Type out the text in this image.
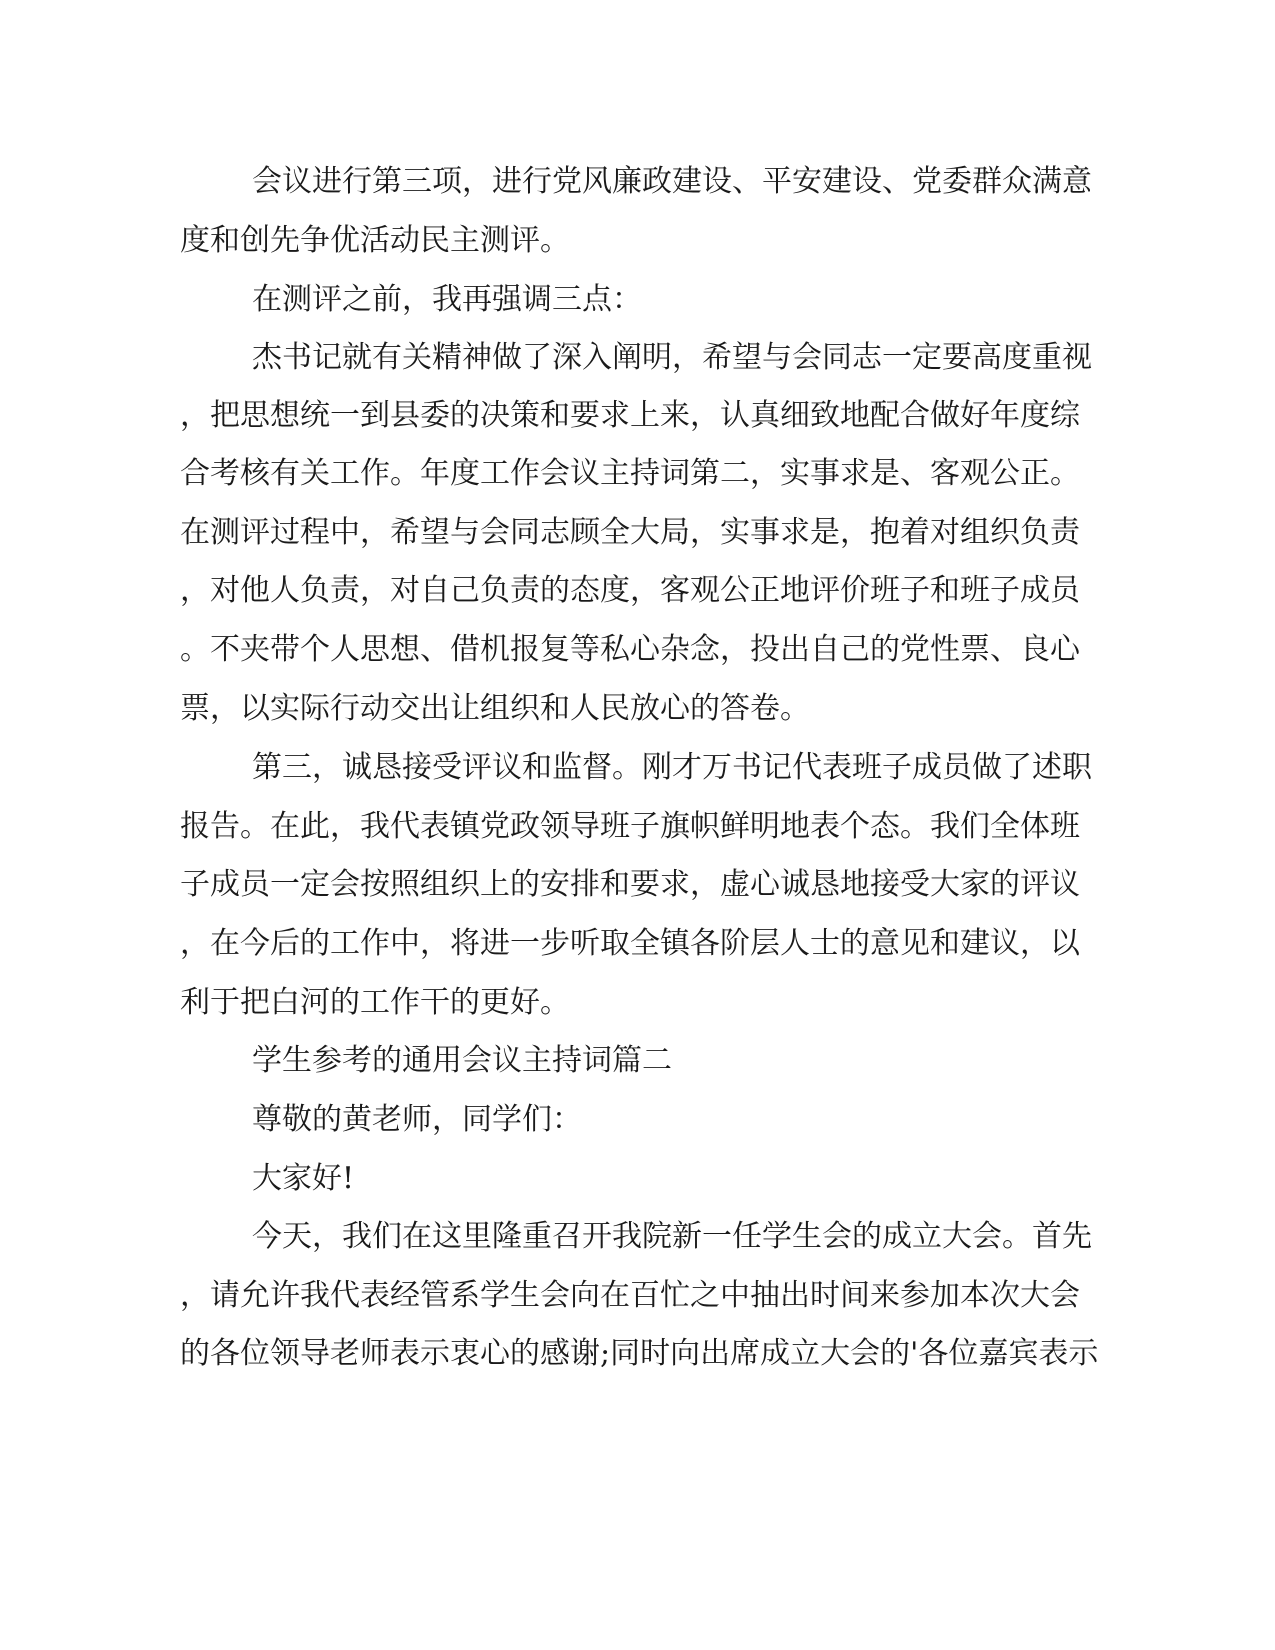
会议进行第三项，进行党风廉政建设、平安建设、党委群众满意
度和创先争优活动民主测评。
在测评之前，我再强调三点：
杰书记就有关精神做了深入阐明，希望与会同志一定要高度重视
，把思想统一到县委的决策和要求上来，认真细致地配合做好年度综
合考核有关工作。年度工作会议主持词第二，实事求是、客观公正。
在测评过程中，希望与会同志顾全大局，实事求是，抱着对组织负责
，对他人负责，对自己负责的态度，客观公正地评价班子和班子成员
。不夹带个人思想、借机报复等私心杂念，投出自己的党性票、良心
票，以实际行动交出让组织和人民放心的答卷。
第三，诚恳接受评议和监督。刚才万书记代表班子成员做了述职
报告。在此，我代表镇党政领导班子旗帜鲜明地表个态。我们全体班
子成员一定会按照组织上的安排和要求，虚心诚恳地接受大家的评议
，在今后的工作中，将进一步听取全镇各阶层人士的意见和建议，以
利于把白河的工作干的更好。
学生参考的通用会议主持词篇二
尊敬的黄老师，同学们：
大家好!
今天，我们在这里隆重召开我院新一任学生会的成立大会。首先
，请允许我代表经管系学生会向在百忙之中抽出时间来参加本次大会
的各位领导老师表示衷心的感谢;同时向出席成立大会的'各位嘉宾表示
